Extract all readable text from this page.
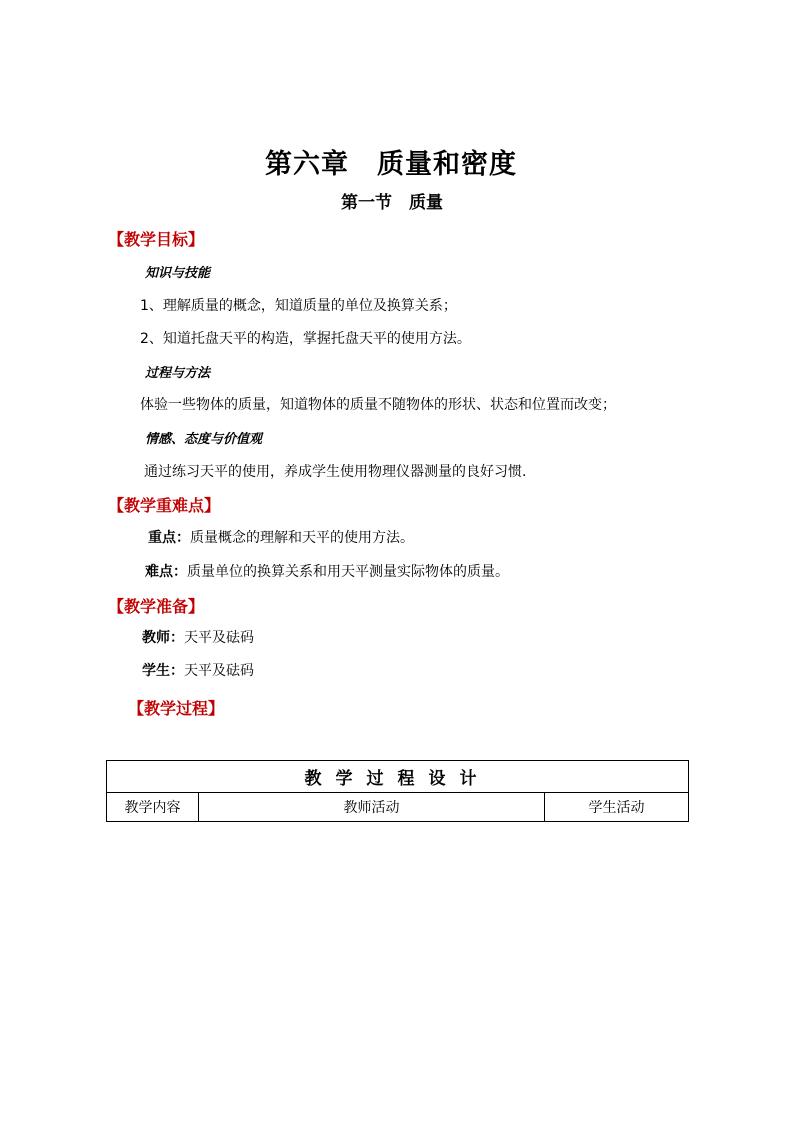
第六章　质量和密度
第一节　质量
【教学目标】
知识与技能
1、理解质量的概念，知道质量的单位及换算关系；
2、知道托盘天平的构造，掌握托盘天平的使用方法。
过程与方法
体验一些物体的质量，知道物体的质量不随物体的形状、状态和位置而改变；
情感、态度与价值观
通过练习天平的使用，养成学生使用物理仪器测量的良好习惯.
【教学重难点】
重点：质量概念的理解和天平的使用方法。
难点：质量单位的换算关系和用天平测量实际物体的质量。
【教学准备】
教师：天平及砝码
学生：天平及砝码
【教学过程】
教学过程设计
教学内容	教师活动	学生活动
